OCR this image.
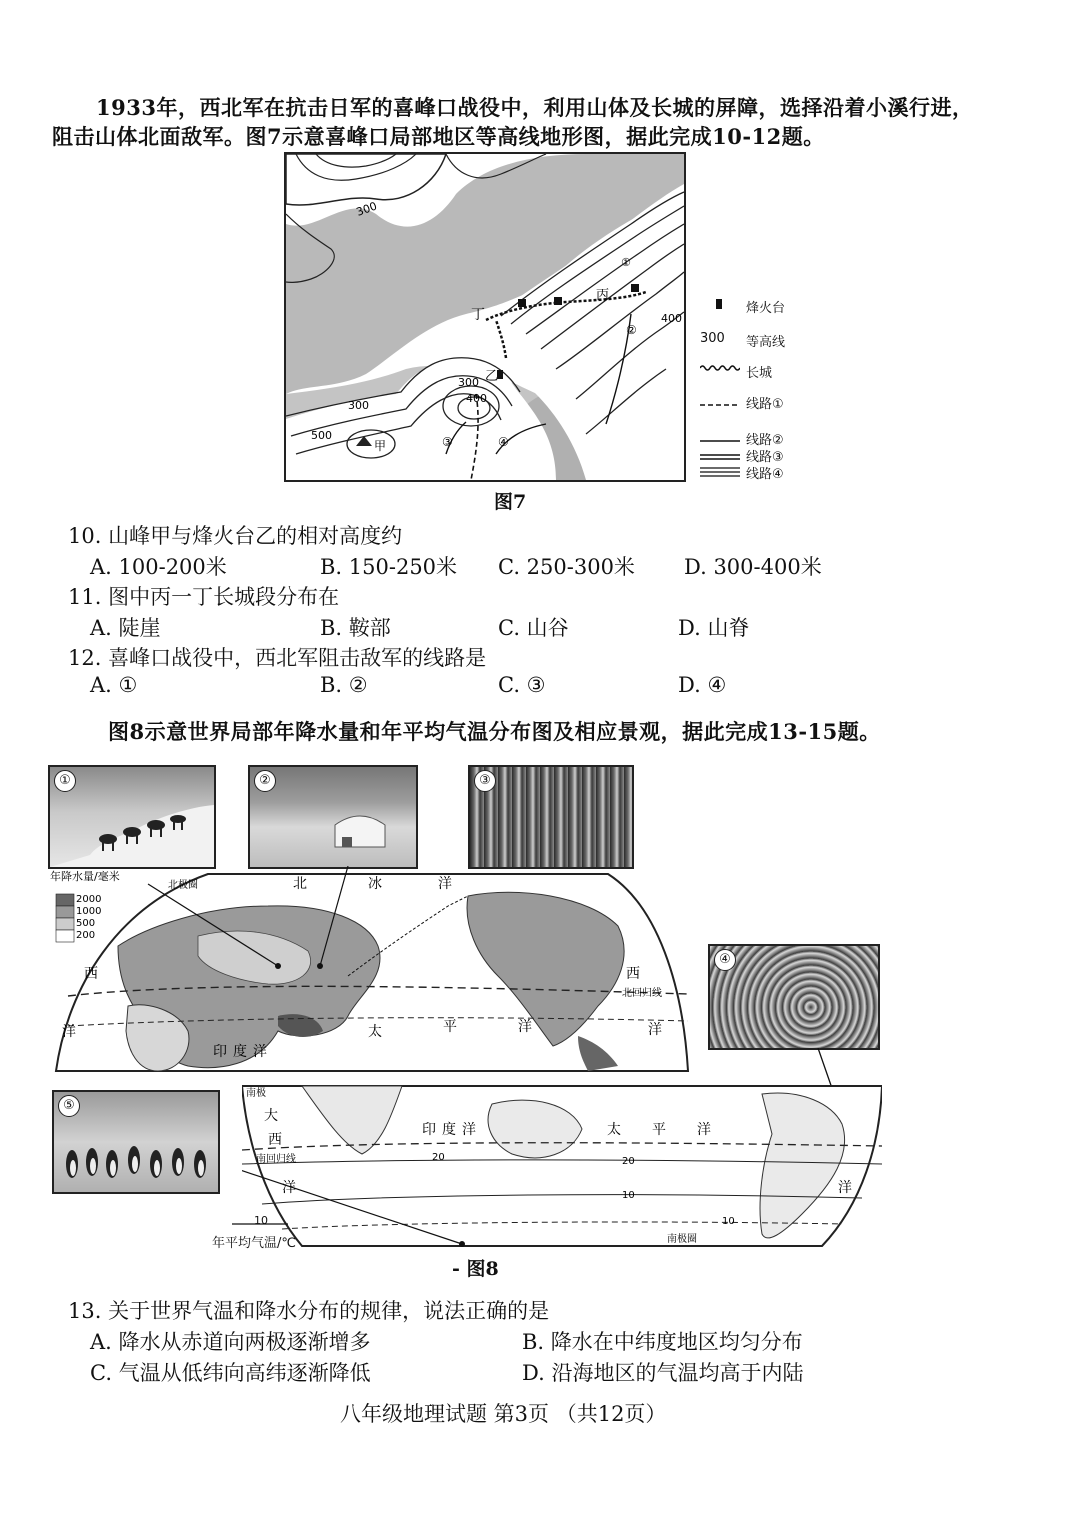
1933年，西北军在抗击日军的喜峰口战役中，利用山体及长城的屏障，选择沿着小溪行进，
阻击山体北面敌军。图7示意喜峰口局部地区等高线地形图，据此完成10-12题。
300
①
丙
②
400
丁
300 乙
400
300
500
甲	③	④
烽火台
300 等高线
长城
线路①
线路②
线路③
线路④
图7
10. 山峰甲与烽火台乙的相对高度约
A. 100-200米	B. 150-250米 C. 250-300米 D. 300-400米
11. 图中丙一丁长城段分布在
A. 陡崖	B. 鞍部	C. 山谷	D. 山脊
12. 喜峰口战役中，西北军阻击敌军的线路是
A. ①	B. ②	C. ③	D. ④
图8示意世界局部年降水量和年平均气温分布图及相应景观，据此完成13-15题。
①	②	③
④
⑤
年降水量/毫米
2000
1000
500
200
北极圈	北	冰	洋
西	西
北回归线
洋	洋
印 度 洋
太	平	洋
南极
大
西
南回归线
洋
印 度 洋	太 平 洋
洋
20	20
10
10
南极圈
10
年平均气温/℃
- 图8
13. 关于世界气温和降水分布的规律，说法正确的是
A. 降水从赤道向两极逐渐增多	B. 降水在中纬度地区均匀分布
C. 气温从低纬向高纬逐渐降低	D. 沿海地区的气温均高于内陆
八年级地理试题 第3页 （共12页）
